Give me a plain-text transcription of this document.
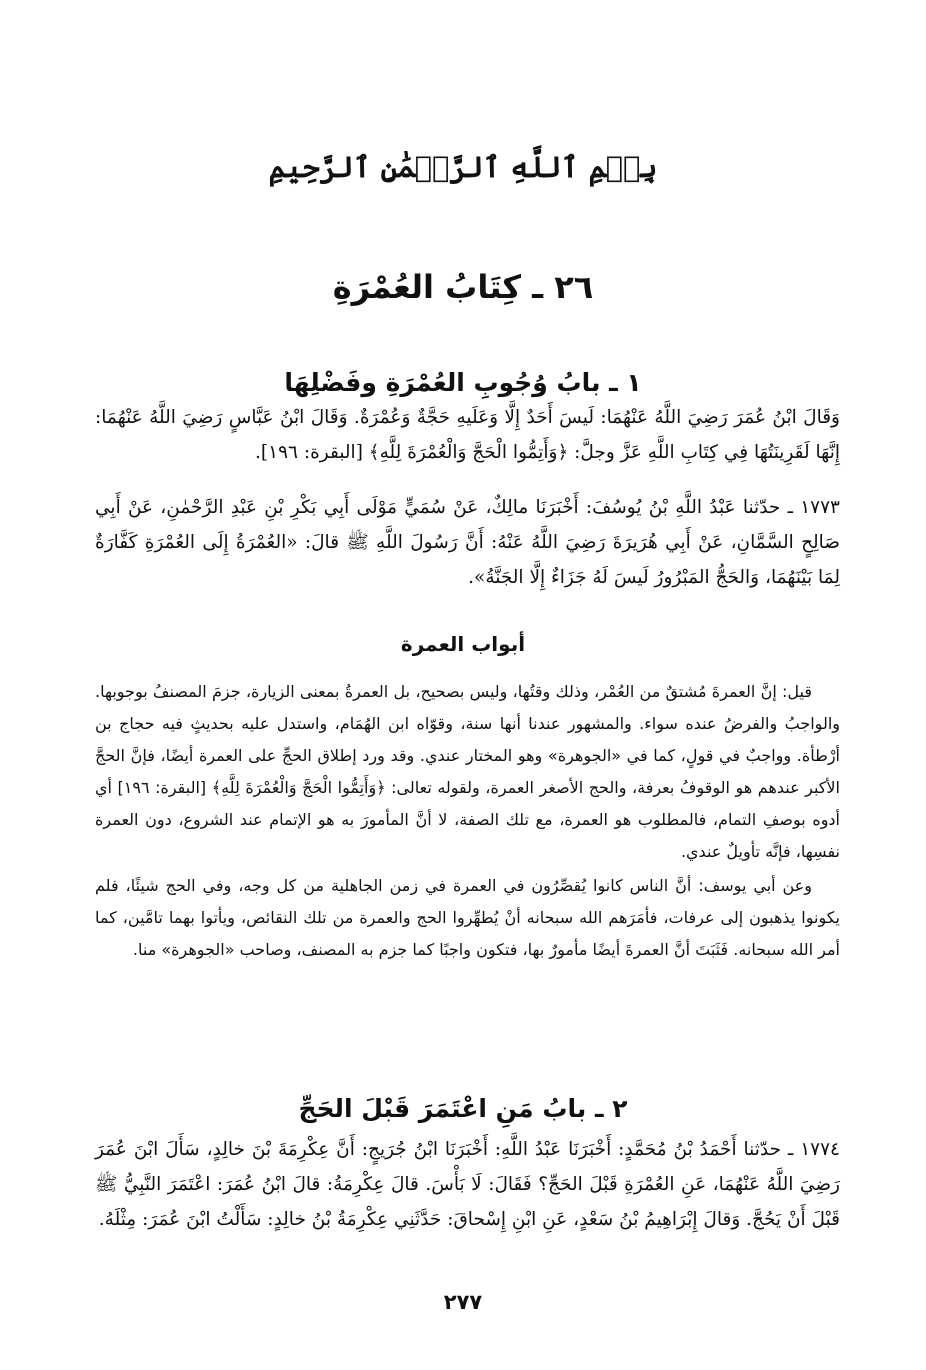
بِسۡمِ ٱللَّهِ ٱلرَّحۡمَٰنِ ٱلرَّحِيمِ
٢٦ ـ كِتَابُ العُمْرَةِ
١ ـ بابُ وُجُوبِ العُمْرَةِ وفَضْلِهَا

وَقَالَ ابْنُ عُمَرَ رَضِيَ اللَّهُ عَنْهُمَا: لَيسَ أَحَدٌ إِلَّا وَعَلَيهِ حَجَّةٌ وَعُمْرَةٌ. وَقَالَ ابْنُ عَبَّاسٍ رَضِيَ اللَّهُ عَنْهُمَا: إِنَّهَا لَقَرِينَتُهَا فِي كِتَابِ اللَّهِ عَزَّ وجلَّ: ﴿وَأَتِمُّوا الْحَجَّ وَالْعُمْرَةَ لِلَّهِ﴾ [البقرة: ١٩٦].

١٧٧٣ ـ حدّثنا عَبْدُ اللَّهِ بْنُ يُوسُفَ: أَخْبَرَنَا مالِكٌ، عَنْ سُمَيٍّ مَوْلَى أَبِي بَكْرِ بْنِ عَبْدِ الرَّحْمٰنِ، عَنْ أَبِي صَالِحٍ السَّمَّانِ، عَنْ أَبِي هُرَيرَةَ رَضِيَ اللَّهُ عَنْهُ: أَنَّ رَسُولَ اللَّهِ ﷺ قالَ: «العُمْرَةُ إِلَى العُمْرَةِ كَفَّارَةٌ لِمَا بَيْنَهُمَا، وَالحَجُّ المَبْرُورُ لَيسَ لَهُ جَزَاءٌ إِلَّا الجَنَّةُ».

أبواب العمرة

قيل: إنَّ العمرةَ مُشتقٌ من العُمْر، وذلك وقتُها، وليس بصحيح، بل العمرةُ بمعنى الزيارة، جزمَ المصنفُ بوجوبها. والواجبُ والفرضُ عنده سواء. والمشهور عندنا أنها سنة، وقوّاه ابن الهُمَام، واستدل عليه بحديثٍ فيه حجاج بن أرْطأة. وواجبٌ في قولٍ، كما في «الجوهرة» وهو المختار عندي. وقد ورد إطلاق الحجِّ على العمرة أيضًا، فإنَّ الحجَّ الأكبر عندهم هو الوقوفُ بعرفة، والحج الأصغر العمرة، ولقوله تعالى: ﴿وَأَتِمُّوا الْحَجَّ وَالْعُمْرَةَ لِلَّهِ﴾ [البقرة: ١٩٦] أي أدوه بوصفِ التمام، فالمطلوب هو العمرة، مع تلك الصفة، لا أنَّ المأمورَ به هو الإتمام عند الشروع، دون العمرة نفسِها، فإنَّه تأويلٌ عندي.

وعن أبي يوسف: أنَّ الناس كانوا يُقصِّرُون في العمرة في زمن الجاهلية من كل وجه، وفي الحج شيئًا، فلم يكونوا يذهبون إلى عرفات، فأمَرَهم الله سبحانه أنْ يُطهِّروا الحج والعمرة من تلك النقائص، ويأتوا بهما تامَّين، كما أمر الله سبحانه. فَثَبَتَ أنَّ العمرةَ أيضًا مأمورٌ بها، فتكون واجبًا كما جزم به المصنف، وصاحب «الجوهرة» منا.

٢ ـ بابُ مَنِ اعْتَمَرَ قَبْلَ الحَجِّ

١٧٧٤ ـ حدّثنا أَحْمَدُ بْنُ مُحَمَّدٍ: أَخْبَرَنَا عَبْدُ اللَّهِ: أَخْبَرَنَا ابْنُ جُرَيجٍ: أَنَّ عِكْرِمَةَ بْنَ خالِدٍ، سَأَلَ ابْنَ عُمَرَ رَضِيَ اللَّهُ عَنْهُمَا، عَنِ العُمْرَةِ قَبْلَ الحَجِّ؟ فَقَالَ: لَا بَأْسَ. قالَ عِكْرِمَةُ: قالَ ابْنُ عُمَرَ: اعْتَمَرَ النَّبِيُّ ﷺ قَبْلَ أَنْ يَحُجَّ. وَقالَ إِبْرَاهِيمُ بْنُ سَعْدٍ، عَنِ ابْنِ إِسْحاقَ: حَدَّثَنِي عِكْرِمَةُ بْنُ خالِدٍ: سَأَلْتُ ابْنَ عُمَرَ: مِثْلَهُ.

٢٧٧
